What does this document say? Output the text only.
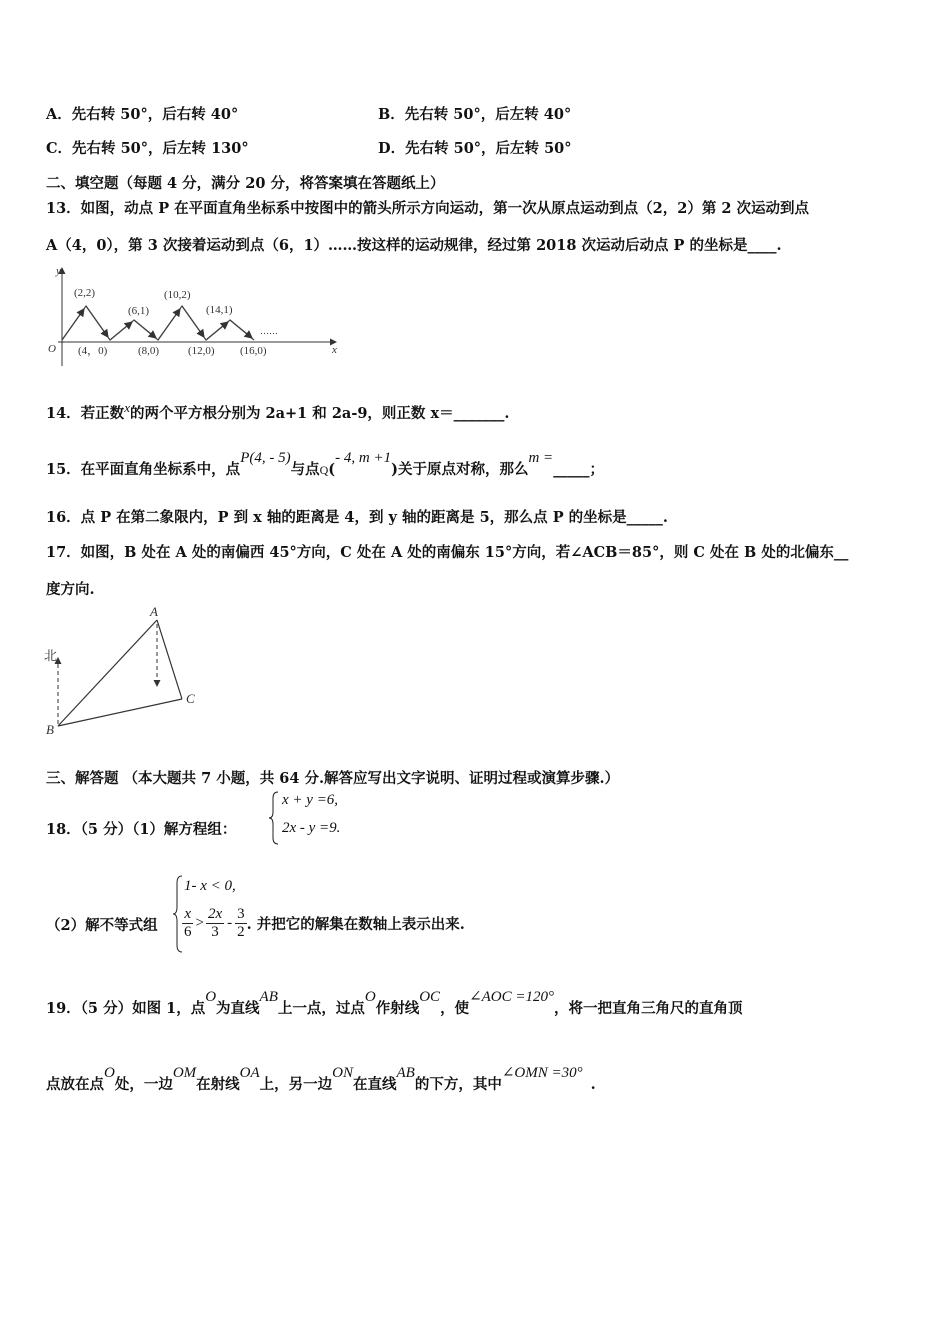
A．先右转 50°，后右转 40°	B．先右转 50°，后左转 40°
C．先右转 50°，后左转 130°	D．先右转 50°，后左转 50°
二、填空题（每题 4 分，满分 20 分，将答案填在答题纸上）
13．如图，动点 P 在平面直角坐标系中按图中的箭头所示方向运动，第一次从原点运动到点（2，2）第 2 次运动到点
A（4，0），第 3 次接着运动到点（6，1）……按这样的运动规律，经过第 2018 次运动后动点 P 的坐标是____.
y
x
O
(2,2)
(6,1)
(10,2)
(14,1)
……
(4，0)	(8,0)	(12,0) (16,0)
14．若正数x的两个平方根分别为 2a+1 和 2a-9，则正数 x＝_______.
15．在平面直角坐标系中，点P(4, - 5)与点Q(- 4, m +1)关于原点对称，那么m =_____；
16．点 P 在第二象限内，P 到 x 轴的距离是 4，到 y 轴的距离是 5，那么点 P 的坐标是_____.
17．如图，B 处在 A 处的南偏西 45°方向，C 处在 A 处的南偏东 15°方向，若∠ACB＝85°，则 C 处在 B 处的北偏东__
度方向.
北
A
B
C
三、解答题 （本大题共 7 小题，共 64 分.解答应写出文字说明、证明过程或演算步骤.）
18．（5 分）（1）解方程组：
x + y =6,
2x - y =9.
（2）解不等式组
1- x < 0,
$\frac{x}{6} > \frac{2x}{3} - \frac{3}{2}$ . 并把它的解集在数轴上表示出来.
19．（5 分）如图 1，点O为直线AB上一点，过点O作射线OC，使∠AOC =120°，将一把直角三角尺的直角顶
点放在点O处，一边OM在射线OA上，另一边ON在直线AB的下方，其中∠OMN =30°.
